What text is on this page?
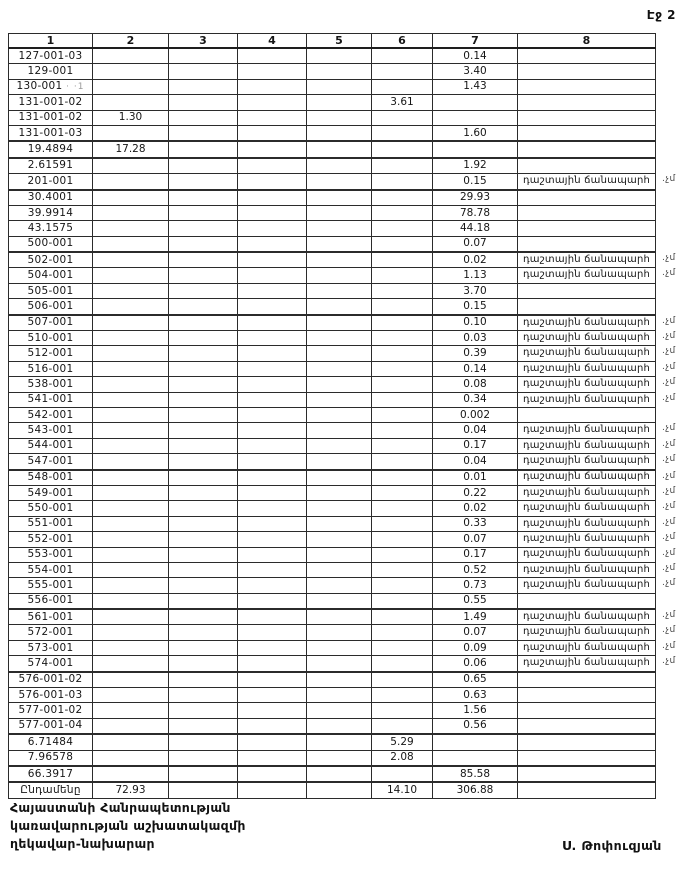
Էջ 2
1	2	3	4	5	6	7	8
127-001-03						0.14	
129-001						3.40	
130-001 · ·1						1.43	
131-001-02					3.61		
131-001-02	1.30						
131-001-03						1.60	
19.4894	17.28						
2.61591						1.92	
201-001						0.15	դաշտային ճանապարհ .չմ

30.4001						29.93	
39.9914						78.78	
43.1575						44.18	
500-001						0.07	
502-001						0.02	դաշտային ճանապարհ .չմ

504-001						1.13	դաշտային ճանապարհ .չմ

505-001						3.70	
506-001						0.15	
507-001						0.10	դաշտային ճանապարհ .չմ

510-001						0.03	դաշտային ճանապարհ .չմ

512-001						0.39	դաշտային ճանապարհ .չմ

516-001						0.14	դաշտային ճանապարհ .չմ

538-001						0.08	դաշտային ճանապարհ .չմ

541-001						0.34	դաշտային ճանապարհ .չմ

542-001						0.002	
543-001						0.04	դաշտային ճանապարհ .չմ

544-001						0.17	դաշտային ճանապարհ .չմ

547-001						0.04	դաշտային ճանապարհ .չմ

548-001						0.01	դաշտային ճանապարհ .չմ

549-001						0.22	դաշտային ճանապարհ .չմ

550-001						0.02	դաշտային ճանապարհ .չմ

551-001						0.33	դաշտային ճանապարհ .չմ

552-001						0.07	դաշտային ճանապարհ .չմ

553-001						0.17	դաշտային ճանապարհ .չմ

554-001						0.52	դաշտային ճանապարհ .չմ

555-001						0.73	դաշտային ճանապարհ .չմ

556-001						0.55	
561-001						1.49	դաշտային ճանապարհ .չմ

572-001						0.07	դաշտային ճանապարհ .չմ

573-001						0.09	դաշտային ճանապարհ .չմ

574-001						0.06	դաշտային ճանապարհ .չմ

576-001-02						0.65	
576-001-03						0.63	
577-001-02						1.56	
577-001-04						0.56	
6.71484					5.29		
7.96578					2.08		
66.3917						85.58	
Ընդամենը	72.93				14.10	306.88	
Հայաստանի Հանրապետության
կառավարության աշխատակազմի
ղեկավար-նախարար	Ս. Թոփուզյան
